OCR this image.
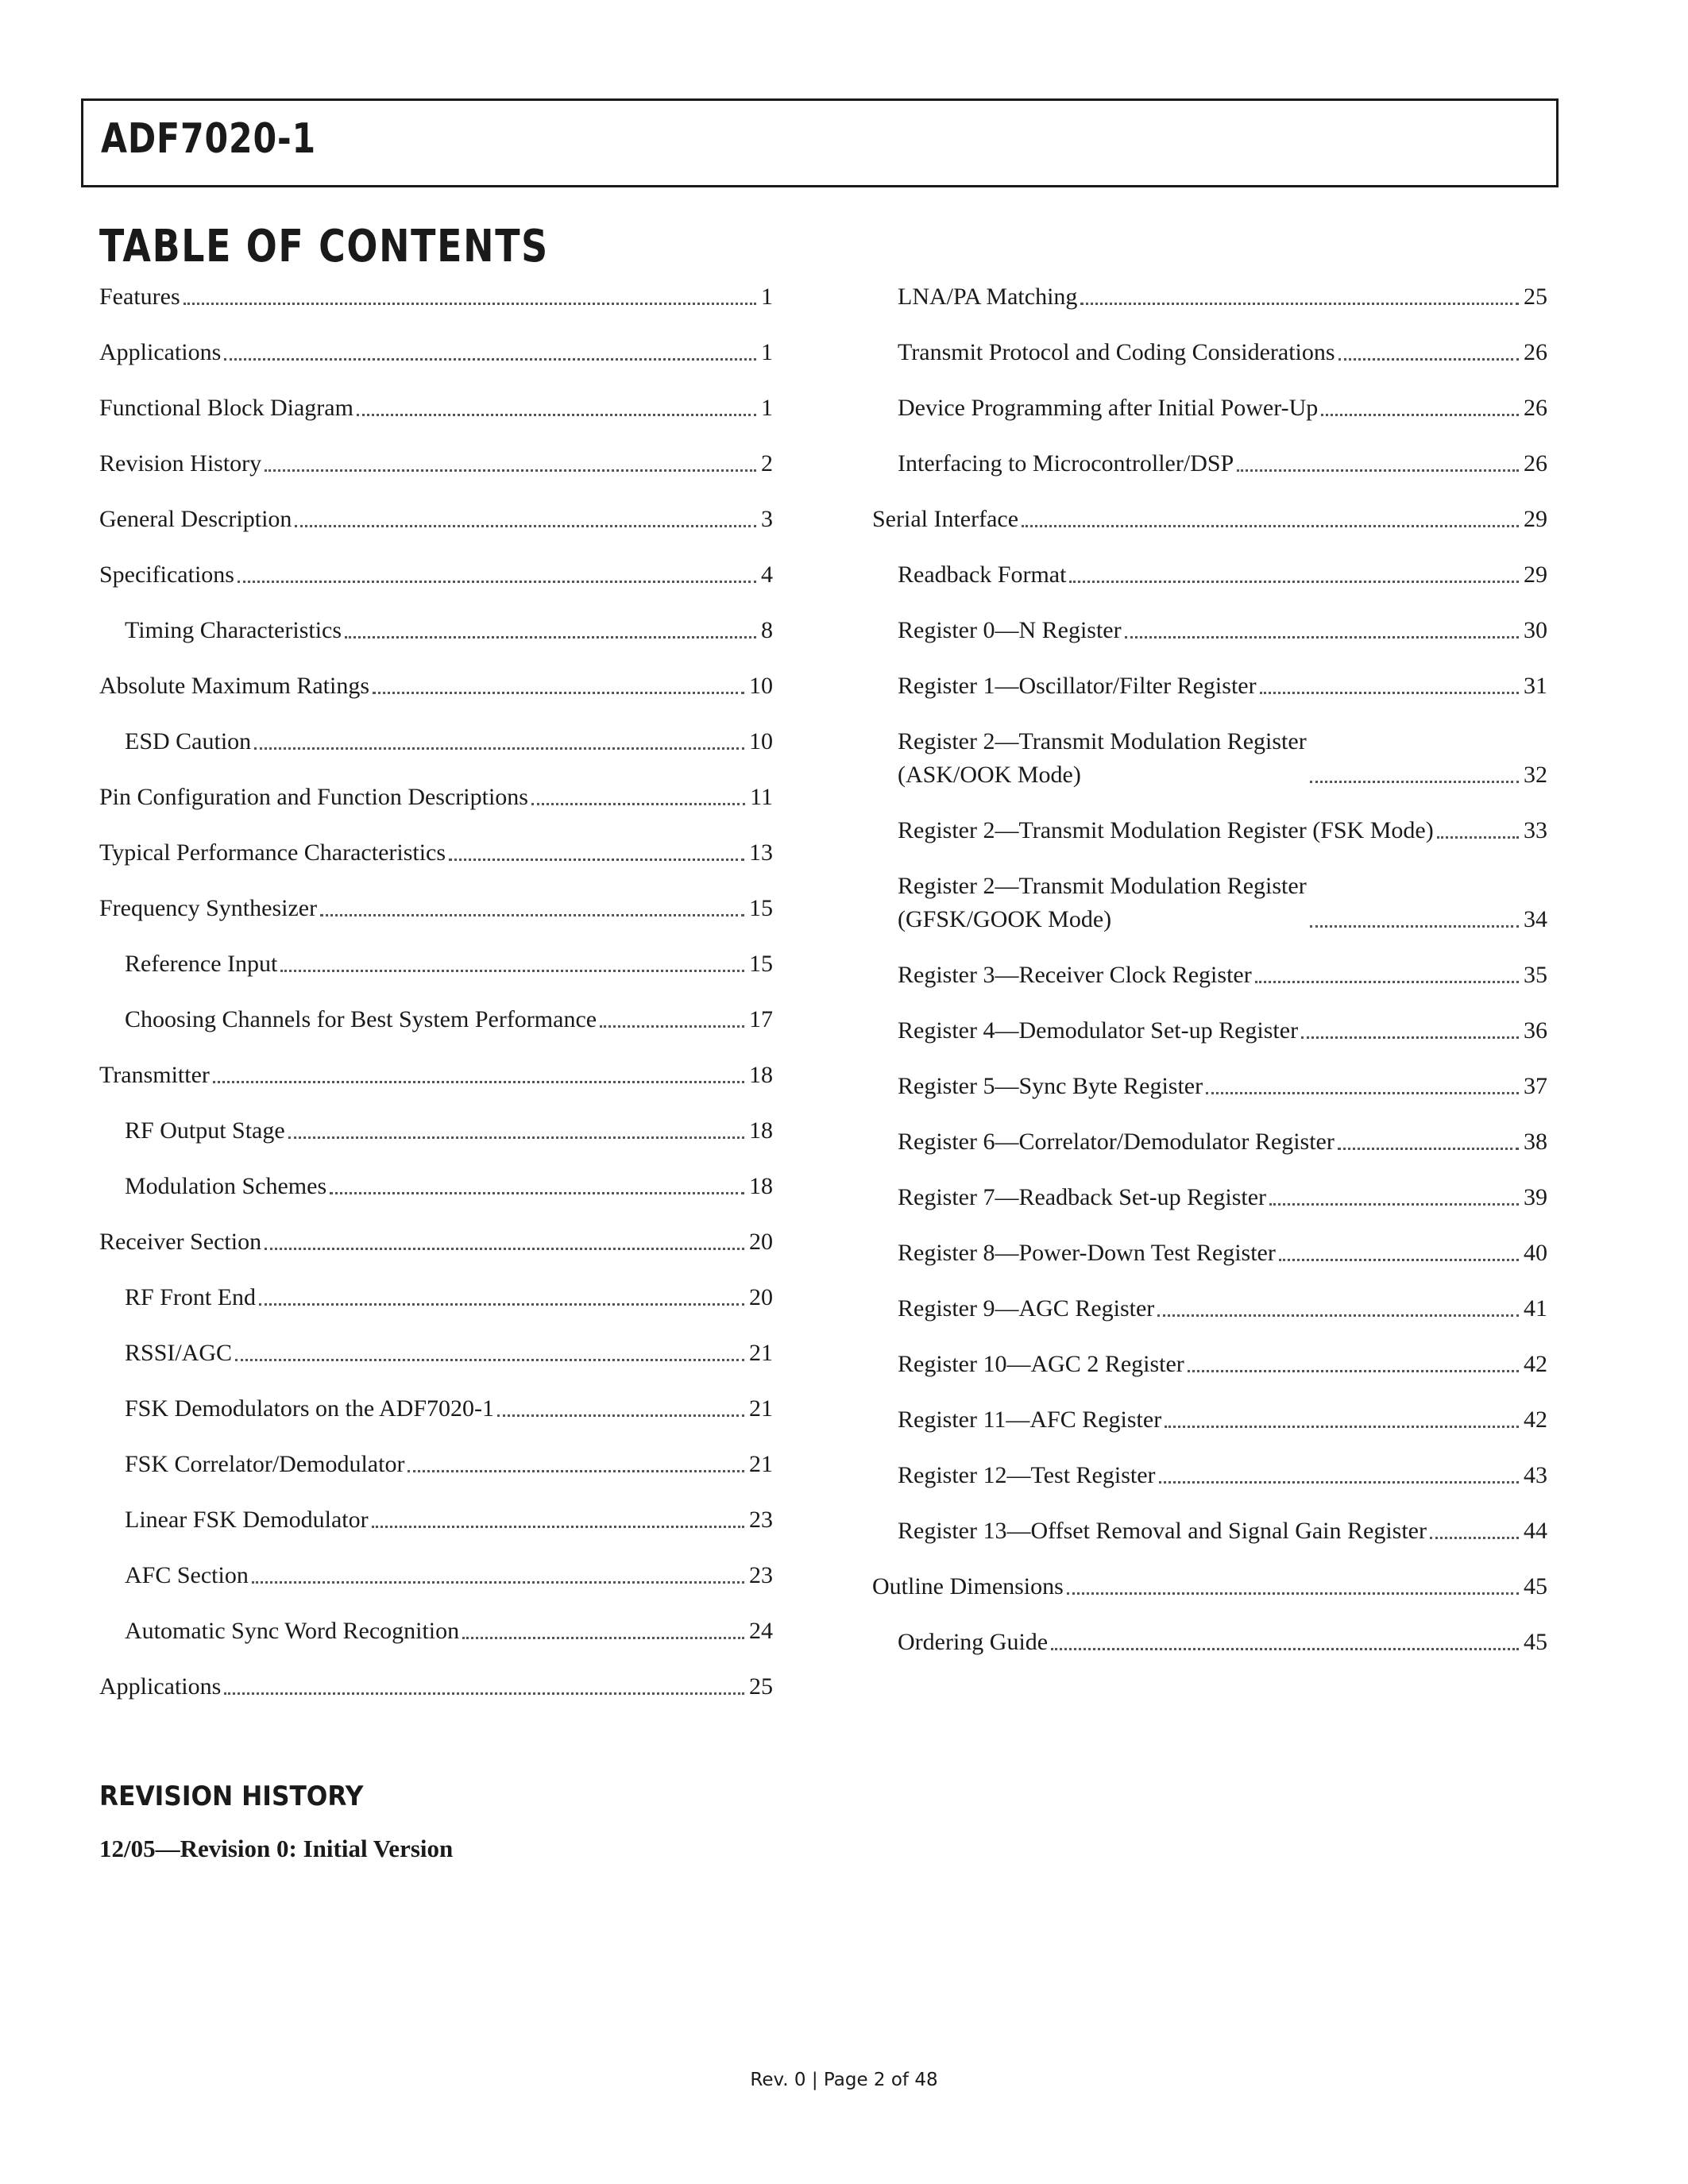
ADF7020-1
TABLE OF CONTENTS
Features	1
Applications	1
Functional Block Diagram	1
Revision History	2
General Description	3
Specifications	4
Timing Characteristics	8
Absolute Maximum Ratings	10
ESD Caution	10
Pin Configuration and Function Descriptions	11
Typical Performance Characteristics	13
Frequency Synthesizer	15
Reference Input	15
Choosing Channels for Best System Performance	17
Transmitter	18
RF Output Stage	18
Modulation Schemes	18
Receiver Section	20
RF Front End	20
RSSI/AGC	21
FSK Demodulators on the ADF7020-1	21
FSK Correlator/Demodulator	21
Linear FSK Demodulator	23
AFC Section	23
Automatic Sync Word Recognition	24
Applications	25
LNA/PA Matching	25
Transmit Protocol and Coding Considerations	26
Device Programming after Initial Power-Up	26
Interfacing to Microcontroller/DSP	26
Serial Interface	29
Readback Format	29
Register 0—N Register	30
Register 1—Oscillator/Filter Register	31
Register 2—Transmit Modulation Register
(ASK/OOK Mode)	32
Register 2—Transmit Modulation Register (FSK Mode)	33
Register 2—Transmit Modulation Register
(GFSK/GOOK Mode)	34
Register 3—Receiver Clock Register	35
Register 4—Demodulator Set-up Register	36
Register 5—Sync Byte Register	37
Register 6—Correlator/Demodulator Register	38
Register 7—Readback Set-up Register	39
Register 8—Power-Down Test Register	40
Register 9—AGC Register	41
Register 10—AGC 2 Register	42
Register 11—AFC Register	42
Register 12—Test Register	43
Register 13—Offset Removal and Signal Gain Register	44
Outline Dimensions	45
Ordering Guide	45
REVISION HISTORY

12/05—Revision 0: Initial Version

Rev. 0 | Page 2 of 48
